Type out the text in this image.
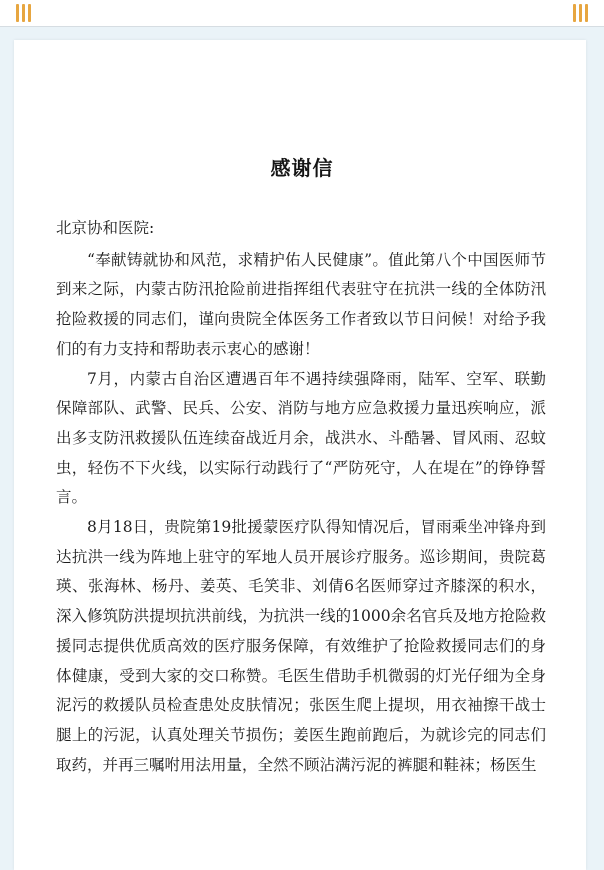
感谢信

北京协和医院:

“奉献铸就协和风范，求精护佑人民健康”。值此第八个中国医师节到来之际，内蒙古防汛抢险前进指挥组代表驻守在抗洪一线的全体防汛抢险救援的同志们，谨向贵院全体医务工作者致以节日问候！对给予我们的有力支持和帮助表示衷心的感谢！

7月，内蒙古自治区遭遇百年不遇持续强降雨，陆军、空军、联勤保障部队、武警、民兵、公安、消防与地方应急救援力量迅疾响应，派出多支防汛救援队伍连续奋战近月余，战洪水、斗酷暑、冒风雨、忍蚊虫，轻伤不下火线，以实际行动践行了“严防死守，人在堤在”的铮铮誓言。

8月18日，贵院第19批援蒙医疗队得知情况后，冒雨乘坐冲锋舟到达抗洪一线为阵地上驻守的军地人员开展诊疗服务。巡诊期间，贵院葛瑛、张海林、杨丹、姜英、毛笑非、刘倩6名医师穿过齐膝深的积水，深入修筑防洪提坝抗洪前线，为抗洪一线的1000余名官兵及地方抢险救援同志提供优质高效的医疗服务保障，有效维护了抢险救援同志们的身体健康，受到大家的交口称赞。毛医生借助手机微弱的灯光仔细为全身泥污的救援队员检查患处皮肤情况；张医生爬上提坝，用衣袖擦干战士腿上的污泥，认真处理关节损伤；姜医生跑前跑后，为就诊完的同志们取药，并再三嘱咐用法用量，全然不顾沾满污泥的裤腿和鞋袜；杨医生
